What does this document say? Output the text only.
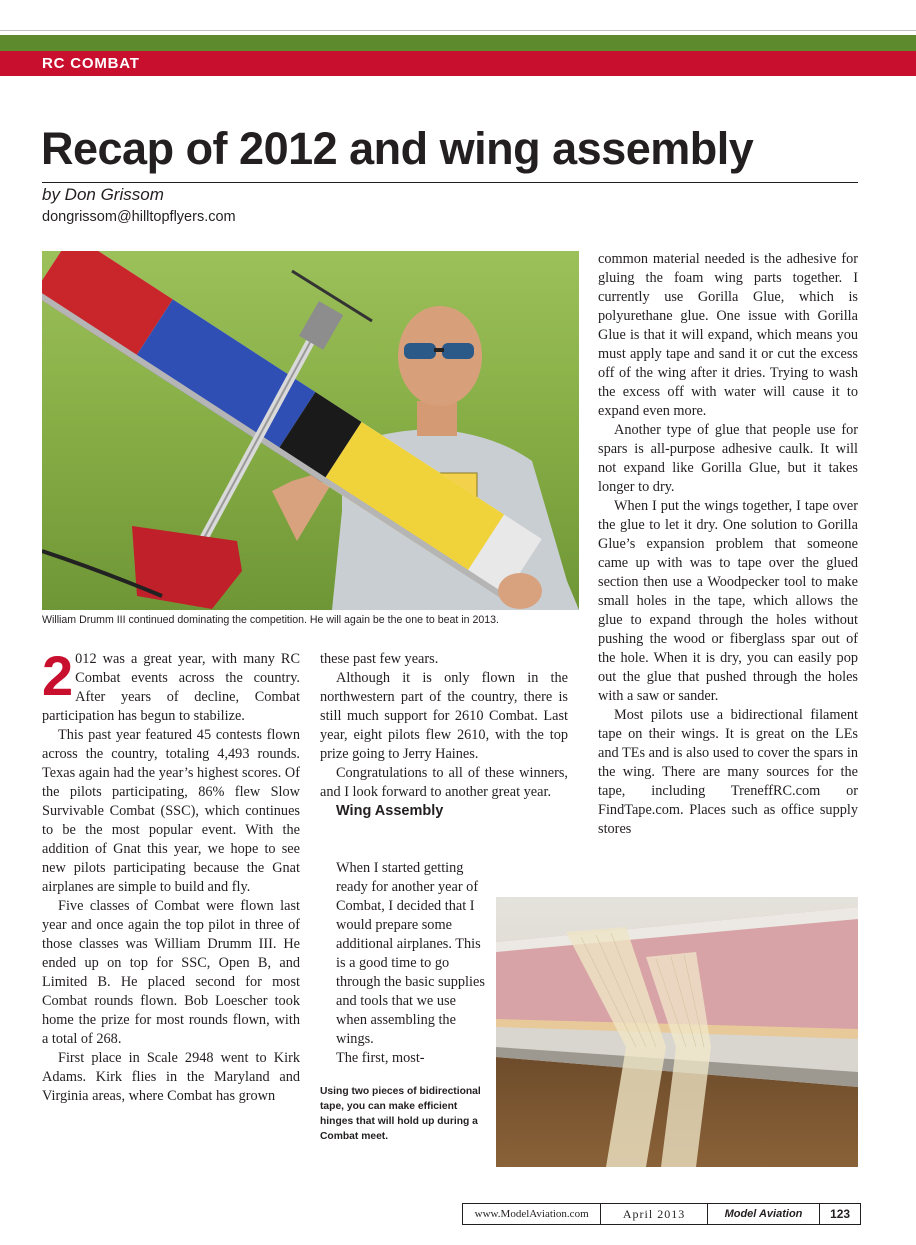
RC COMBAT
Recap of 2012 and wing assembly
by Don Grissom
dongrissom@hilltopflyers.com
William Drumm III continued dominating the competition. He will again be the one to beat in 2013.

2 012 was a great year, with many RC Combat events across the country. After years of decline, Combat participation has begun to stabilize.

This past year featured 45 contests flown across the country, totaling 4,493 rounds. Texas again had the year’s highest scores. Of the pilots participating, 86% flew Slow Survivable Combat (SSC), which continues to be the most popular event. With the addition of Gnat this year, we hope to see new pilots participating because the Gnat airplanes are simple to build and fly.

Five classes of Combat were flown last year and once again the top pilot in three of those classes was William Drumm III. He ended up on top for SSC, Open B, and Limited B. He placed second for most Combat rounds flown. Bob Loescher took home the prize for most rounds flown, with a total of 268.

First place in Scale 2948 went to Kirk Adams. Kirk flies in the Maryland and Virginia areas, where Combat has grown

these past few years.

Although it is only flown in the northwestern part of the country, there is still much support for 2610 Combat. Last year, eight pilots flew 2610, with the top prize going to Jerry Haines.

Congratulations to all of these winners, and I look forward to another great year.

Wing Assembly

When I started getting ready for another year of Combat, I decided that I would prepare some additional airplanes. This is a good time to go through the basic supplies and tools that we use when assembling the wings.

The first, most-

Using two pieces of bidirectional tape, you can make efficient hinges that will hold up during a Combat meet.

common material needed is the adhesive for gluing the foam wing parts together. I currently use Gorilla Glue, which is polyurethane glue. One issue with Gorilla Glue is that it will expand, which means you must apply tape and sand it or cut the excess off of the wing after it dries. Trying to wash the excess off with water will cause it to expand even more.

Another type of glue that people use for spars is all-purpose adhesive caulk. It will not expand like Gorilla Glue, but it takes longer to dry.

When I put the wings together, I tape over the glue to let it dry. One solution to Gorilla Glue’s expansion problem that someone came up with was to tape over the glued section then use a Woodpecker tool to make small holes in the tape, which allows the glue to expand through the holes without pushing the wood or fiberglass spar out of the hole. When it is dry, you can easily pop out the glue that pushed through the holes with a saw or sander.

Most pilots use a bidirectional filament tape on their wings. It is great on the LEs and TEs and is also used to cover the spars in the wing. There are many sources for the tape, including TreneffRC.com or FindTape.com. Places such as office supply stores

www.ModelAviation.com	April 2013	Model Aviation	123
